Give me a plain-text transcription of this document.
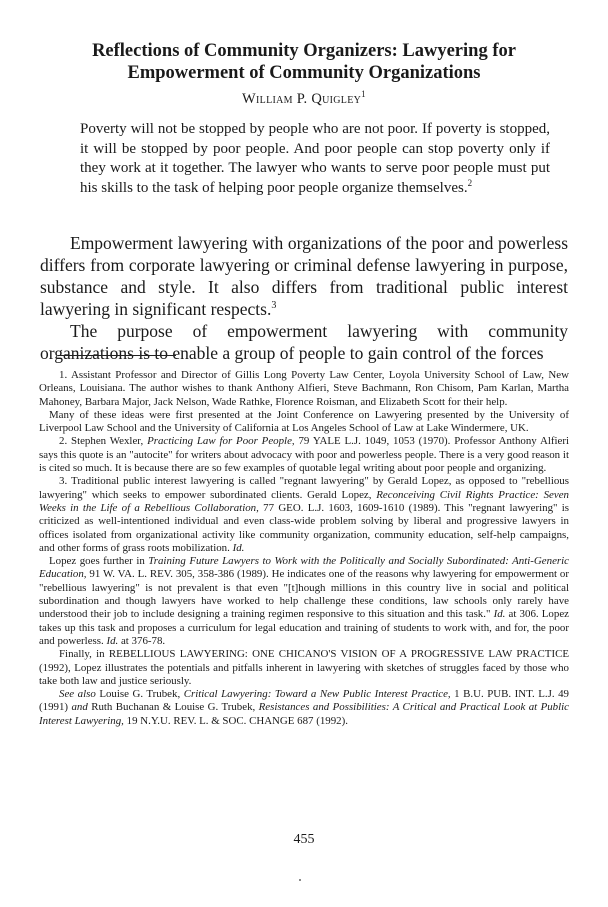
Reflections of Community Organizers: Lawyering for
Empowerment of Community Organizations
William P. Quigley$^1$
Poverty will not be stopped by people who are not poor. If poverty is stopped, it will be stopped by poor people. And poor people can stop poverty only if they work at it together. The lawyer who wants to serve poor people must put his skills to the task of helping poor people organize themselves.$^2$

Empowerment lawyering with organizations of the poor and powerless differs from corporate lawyering or criminal defense lawyering in purpose, substance and style. It also differs from traditional public interest lawyering in significant respects.$^3$

The purpose of empowerment lawyering with community organizations is to enable a group of people to gain control of the forces

1. Assistant Professor and Director of Gillis Long Poverty Law Center, Loyola University School of Law, New Orleans, Louisiana. The author wishes to thank Anthony Alfieri, Steve Bachmann, Ron Chisom, Pam Karlan, Martha Mahoney, Barbara Major, Jack Nelson, Wade Rathke, Florence Roisman, and Elizabeth Scott for their help.

Many of these ideas were first presented at the Joint Conference on Lawyering presented by the University of Liverpool Law School and the University of California at Los Angeles School of Law at Lake Windermere, UK.

2. Stephen Wexler, Practicing Law for Poor People, 79 YALE L.J. 1049, 1053 (1970). Professor Anthony Alfieri says this quote is an "autocite" for writers about advocacy with poor and powerless people. There is a very good reason it is cited so much. It is because there are so few examples of quotable legal writing about poor people and organizing.

3. Traditional public interest lawyering is called "regnant lawyering" by Gerald Lopez, as opposed to "rebellious lawyering" which seeks to empower subordinated clients. Gerald Lopez, Reconceiving Civil Rights Practice: Seven Weeks in the Life of a Rebellious Collaboration, 77 GEO. L.J. 1603, 1609-1610 (1989). This "regnant lawyering" is criticized as well-intentioned individual and even class-wide problem solving by liberal and progressive lawyers in offices isolated from organizational activity like community organization, community education, self-help campaigns, and other forms of grass roots mobilization. Id.

Lopez goes further in Training Future Lawyers to Work with the Politically and Socially Subordinated: Anti-Generic Education, 91 W. VA. L. REV. 305, 358-386 (1989). He indicates one of the reasons why lawyering for empowerment or "rebellious lawyering" is not prevalent is that even "[t]hough millions in this country live in social and political subordination and though lawyers have worked to help challenge these conditions, law schools only rarely have understood their job to include designing a training regimen responsive to this situation and this task." Id. at 306. Lopez takes up this task and proposes a curriculum for legal education and training of students to work with, and for, the poor and powerless. Id. at 376-78.

Finally, in REBELLIOUS LAWYERING: ONE CHICANO'S VISION OF A PROGRESSIVE LAW PRACTICE (1992), Lopez illustrates the potentials and pitfalls inherent in lawyering with sketches of struggles faced by those who take both law and justice seriously.

See also Louise G. Trubek, Critical Lawyering: Toward a New Public Interest Practice, 1 B.U. PUB. INT. L.J. 49 (1991) and Ruth Buchanan & Louise G. Trubek, Resistances and Possibilities: A Critical and Practical Look at Public Interest Lawyering, 19 N.Y.U. REV. L. & SOC. CHANGE 687 (1992).

455
